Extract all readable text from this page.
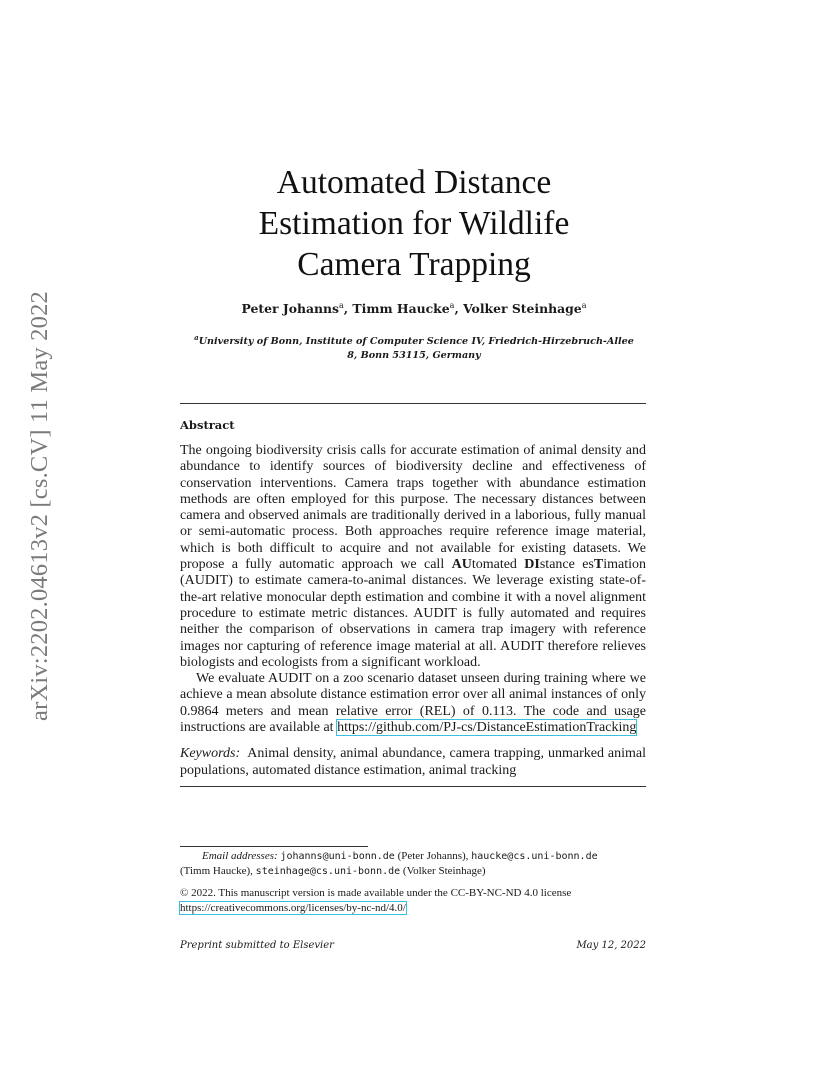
arXiv:2202.04613v2 [cs.CV] 11 May 2022
Automated Distance
Estimation for Wildlife
Camera Trapping
Peter Johanns$^a$, Timm Haucke$^a$, Volker Steinhage$^a$
$^a$University of Bonn, Institute of Computer Science IV, Friedrich-Hirzebruch-Allee
8, Bonn 53115, Germany
Abstract

The ongoing biodiversity crisis calls for accurate estimation of animal density and abundance to identify sources of biodiversity decline and effectiveness of conservation interventions. Camera traps together with abundance estimation methods are often employed for this purpose. The necessary distances between camera and observed animals are traditionally derived in a laborious, fully manual or semi-automatic process. Both approaches require reference image material, which is both difficult to acquire and not available for existing datasets. We propose a fully automatic approach we call AUtomated DIstance esTimation (AUDIT) to estimate camera-to-animal distances. We leverage existing state-of-the-art relative monocular depth estimation and combine it with a novel alignment procedure to estimate metric distances. AUDIT is fully automated and requires neither the comparison of observations in camera trap imagery with reference images nor capturing of reference image material at all. AUDIT therefore relieves biologists and ecologists from a significant workload.

We evaluate AUDIT on a zoo scenario dataset unseen during training where we achieve a mean absolute distance estimation error over all animal instances of only 0.9864 meters and mean relative error (REL) of 0.113. The code and usage instructions are available at https://github.com/PJ-cs/DistanceEstimationTracking

Keywords: Animal density, animal abundance, camera trapping, unmarked animal populations, automated distance estimation, animal tracking

Email addresses: johanns@uni-bonn.de (Peter Johanns), haucke@cs.uni-bonn.de
(Timm Haucke), steinhage@cs.uni-bonn.de (Volker Steinhage)
© 2022. This manuscript version is made available under the CC-BY-NC-ND 4.0 license
https://creativecommons.org/licenses/by-nc-nd/4.0/
Preprint submitted to Elsevier	May 12, 2022
